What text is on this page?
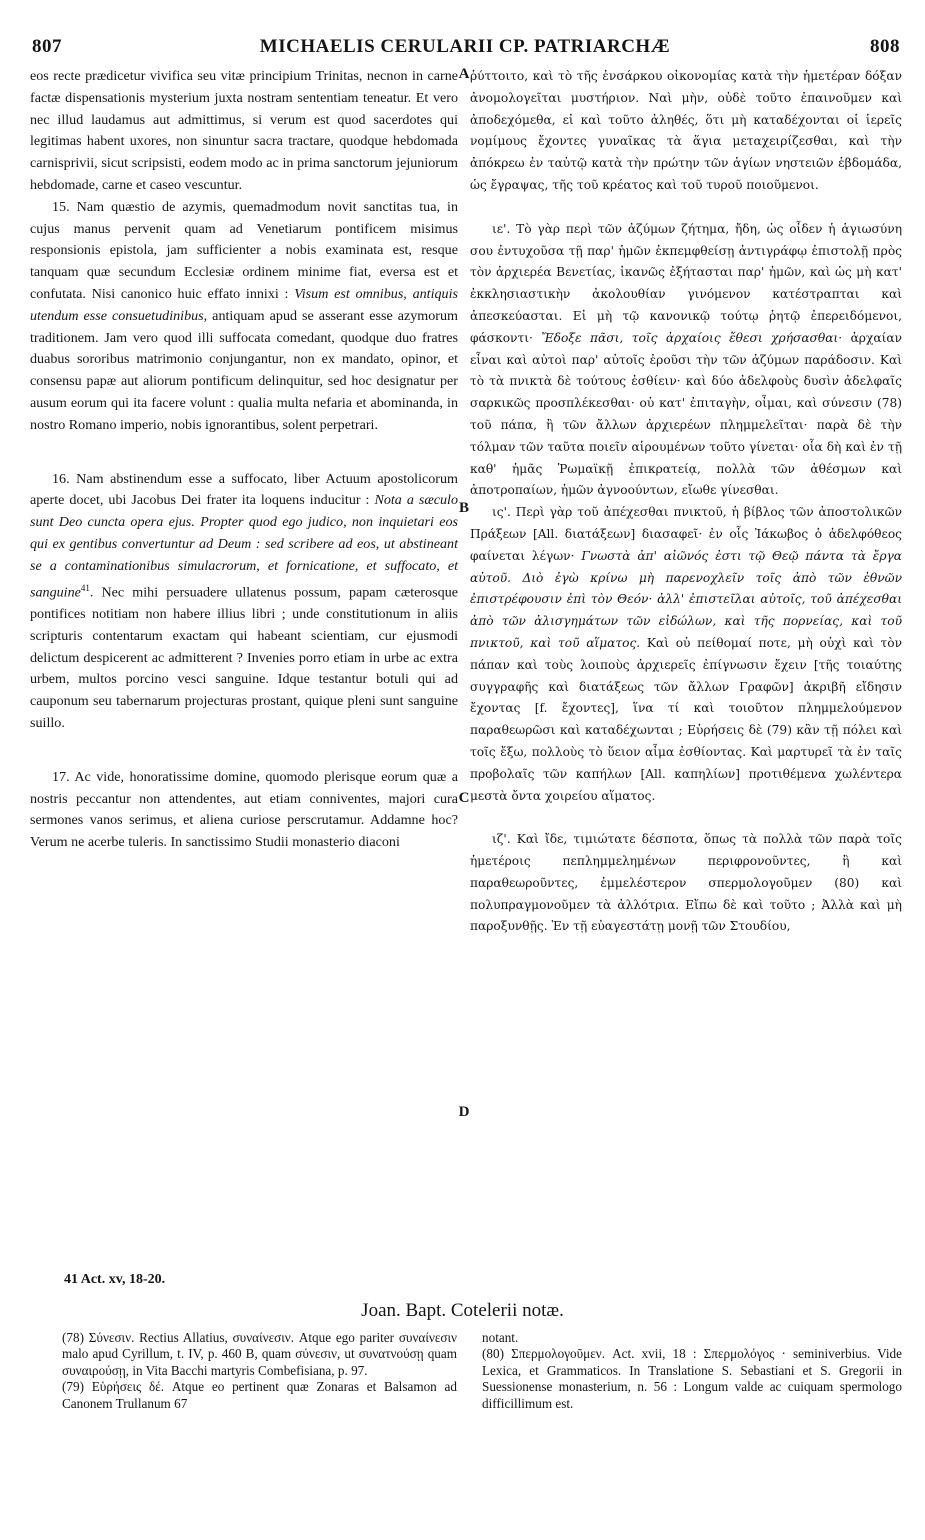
807	MICHAELIS CERULARII CP. PATRIARCHÆ	808
A
B
C
D

eos recte prædicetur vivifica seu vitæ principium Trinitas, necnon in carne factæ dispensationis mysterium juxta nostram sententiam teneatur. Et vero nec illud laudamus aut admittimus, si verum est quod sacerdotes qui legitimas habent uxores, non sinuntur sacra tractare, quodque hebdomada carnisprivii, sicut scripsisti, eodem modo ac in prima sanctorum jejuniorum hebdomade, carne et caseo vescuntur.

15. Nam quæstio de azymis, quemadmodum novit sanctitas tua, in cujus manus pervenit quam ad Venetiarum pontificem misimus responsionis epistola, jam sufficienter a nobis examinata est, resque tanquam quæ secundum Ecclesiæ ordinem minime fiat, eversa est et confutata. Nisi canonico huic effato innixi : Visum est omnibus, antiquis utendum esse consuetudinibus, antiquam apud se asserant esse azymorum traditionem. Jam vero quod illi suffocata comedant, quodque duo fratres duabus sororibus matrimonio conjungantur, non ex mandato, opinor, et consensu papæ aut aliorum pontificum delinquitur, sed hoc designatur per ausum eorum qui ita facere volunt : qualia multa nefaria et abominanda, in nostro Romano imperio, nobis ignorantibus, solent perpetrari.

16. Nam abstinendum esse a suffocato, liber Actuum apostolicorum aperte docet, ubi Jacobus Dei frater ita loquens inducitur : Nota a sæculo sunt Deo cuncta opera ejus. Propter quod ego judico, non inquietari eos qui ex gentibus convertuntur ad Deum : sed scribere ad eos, ut abstineant se a contaminationibus simulacrorum, et fornicatione, et suffocato, et sanguine$^{41}$. Nec mihi persuadere ullatenus possum, papam cæterosque pontifices notitiam non habere illius libri ; unde constitutionum in aliis scripturis contentarum exactam qui habeant scientiam, cur ejusmodi delictum despicerent ac admitterent ? Invenies porro etiam in urbe ac extra urbem, multos porcino vesci sanguine. Idque testantur botuli qui ad cauponum seu tabernarum projecturas prostant, quique pleni sunt sanguine suillo.

17. Ac vide, honoratissime domine, quomodo plerisque eorum quæ a nostris peccantur non attendentes, aut etiam conniventes, majori cura sermones vanos serimus, et aliena curiose perscrutamur. Addamne hoc? Verum ne acerbe tuleris. In sanctissimo Studii monasterio diaconi

ῥύττοιτο, καὶ τὸ τῆς ἐνσάρκου οἰκονομίας κατὰ τὴν ἡμετέραν δόξαν ἀνομολογεῖται μυστήριον. Ναὶ μὴν, οὐδὲ τοῦτο ἐπαινοῦμεν καὶ ἀποδεχόμεθα, εἰ καὶ τοῦτο ἀληθές, ὅτι μὴ καταδέχονται οἱ ἱερεῖς νομίμους ἔχοντες γυναῖκας τὰ ἅγια μεταχειρίζεσθαι, καὶ τὴν ἀπόκρεω ἐν ταὐτῷ κατὰ τὴν πρώτην τῶν ἁγίων νηστειῶν ἑβδομάδα, ὡς ἔγραψας, τῆς τοῦ κρέατος καὶ τοῦ τυροῦ ποιοῦμενοι.

ιε'. Τὸ γὰρ περὶ τῶν ἀζύμων ζήτημα, ἤδη, ὡς οἶδεν ἡ ἁγιωσύνη σου ἐντυχοῦσα τῇ παρ' ἡμῶν ἐκπεμφθείσῃ ἀντιγράφῳ ἐπιστολῇ πρὸς τὸν ἀρχιερέα Βενετίας, ἱκανῶς ἐξήτασται παρ' ἡμῶν, καὶ ὡς μὴ κατ' ἐκκλησιαστικὴν ἀκολουθίαν γινόμενον κατέστραπται καὶ ἀπεσκεύασται. Εἰ μὴ τῷ κανονικῷ τούτῳ ῥητῷ ἐπερειδόμενοι, φάσκοντι· Ἔδοξε πᾶσι, τοῖς ἀρχαίοις ἔθεσι χρήσασθαι· ἀρχαίαν εἶναι καὶ αὐτοὶ παρ' αὐτοῖς ἐροῦσι τὴν τῶν ἀζύμων παράδοσιν. Καὶ τὸ τὰ πνικτὰ δὲ τούτους ἐσθίειν· καὶ δύο ἀδελφοὺς δυσὶν ἀδελφαῖς σαρκικῶς προσπλέκεσθαι· οὐ κατ' ἐπιταγὴν, οἶμαι, καὶ σύνεσιν (78) τοῦ πάπα, ἢ τῶν ἄλλων ἀρχιερέων πλημμελεῖται· παρὰ δὲ τὴν τόλμαν τῶν ταῦτα ποιεῖν αἱρουμένων τοῦτο γίνεται· οἷα δὴ καὶ ἐν τῇ καθ' ἡμᾶς Ῥωμαϊκῇ ἐπικρατείᾳ, πολλὰ τῶν ἀθέσμων καὶ ἀποτροπαίων, ἡμῶν ἀγνοούντων, εἴωθε γίνεσθαι.

ις'. Περὶ γὰρ τοῦ ἀπέχεσθαι πνικτοῦ, ἡ βίβλος τῶν ἀποστολικῶν Πράξεων [All. διατάξεων] διασαφεῖ· ἐν οἷς Ἰάκωβος ὁ ἀδελφόθεος φαίνεται λέγων· Γνωστὰ ἀπ' αἰῶνός ἐστι τῷ Θεῷ πάντα τὰ ἔργα αὐτοῦ. Διὸ ἐγὼ κρίνω μὴ παρενοχλεῖν τοῖς ἀπὸ τῶν ἐθνῶν ἐπιστρέφουσιν ἐπὶ τὸν Θεόν· ἀλλ' ἐπιστεῖλαι αὐτοῖς, τοῦ ἀπέχεσθαι ἀπὸ τῶν ἀλισγημάτων τῶν εἰδώλων, καὶ τῆς πορνείας, καὶ τοῦ πνικτοῦ, καὶ τοῦ αἵματος. Καὶ οὐ πείθομαί ποτε, μὴ οὐχὶ καὶ τὸν πάπαν καὶ τοὺς λοιποὺς ἀρχιερεῖς ἐπίγνωσιν ἔχειν [τῆς τοιαύτης συγγραφῆς καὶ διατάξεως τῶν ἄλλων Γραφῶν] ἀκριβῆ εἴδησιν ἔχοντας [f. ἔχοντες], ἵνα τί καὶ τοιοῦτον πλημμελούμενον παραθεωρῶσι καὶ καταδέχωνται ; Εὑρήσεις δὲ (79) κἂν τῇ πόλει καὶ τοῖς ἔξω, πολλοὺς τὸ ὕειον αἷμα ἐσθίοντας. Καὶ μαρτυρεῖ τὰ ἐν ταῖς προβολαῖς τῶν καπήλων [All. καπηλίων] προτιθέμενα χωλέντερα μεστὰ ὄντα χοιρείου αἵματος.

ιζ'. Καὶ ἴδε, τιμιώτατε δέσποτα, ὅπως τὰ πολλὰ τῶν παρὰ τοῖς ἡμετέροις πεπλημμελημένων περιφρονοῦντες, ἢ καὶ παραθεωροῦντες, ἐμμελέστερον σπερμολογοῦμεν (80) καὶ πολυπραγμονοῦμεν τὰ ἀλλότρια. Εἴπω δὲ καὶ τοῦτο ; Ἀλλὰ καὶ μὴ παροξυνθῇς. Ἐν τῇ εὐαγεστάτῃ μονῇ τῶν Στουδίου,

41 Act. xv, 18-20.
Joan. Bapt. Cotelerii notæ.

(78) Σύνεσιν. Rectius Allatius, συναίνεσιν. Atque ego pariter συναίνεσιν malo apud Cyrillum, t. IV, p. 460 B, quam σύνεσιν, ut συνατνούσῃ quam συναιρούσῃ, in Vita Bacchi martyris Combefisiana, p. 97.

(79) Εὑρήσεις δέ. Atque eo pertinent quæ Zonaras et Balsamon ad Canonem Trullanum 67

notant.

(80) Σπερμολογοῦμεν. Act. xvii, 18 : Σπερμολόγος · seminiverbius. Vide Lexica, et Grammaticos. In Translatione S. Sebastiani et S. Gregorii in Suessionense monasterium, n. 56 : Longum valde ac cuiquam spermologo difficillimum est.
